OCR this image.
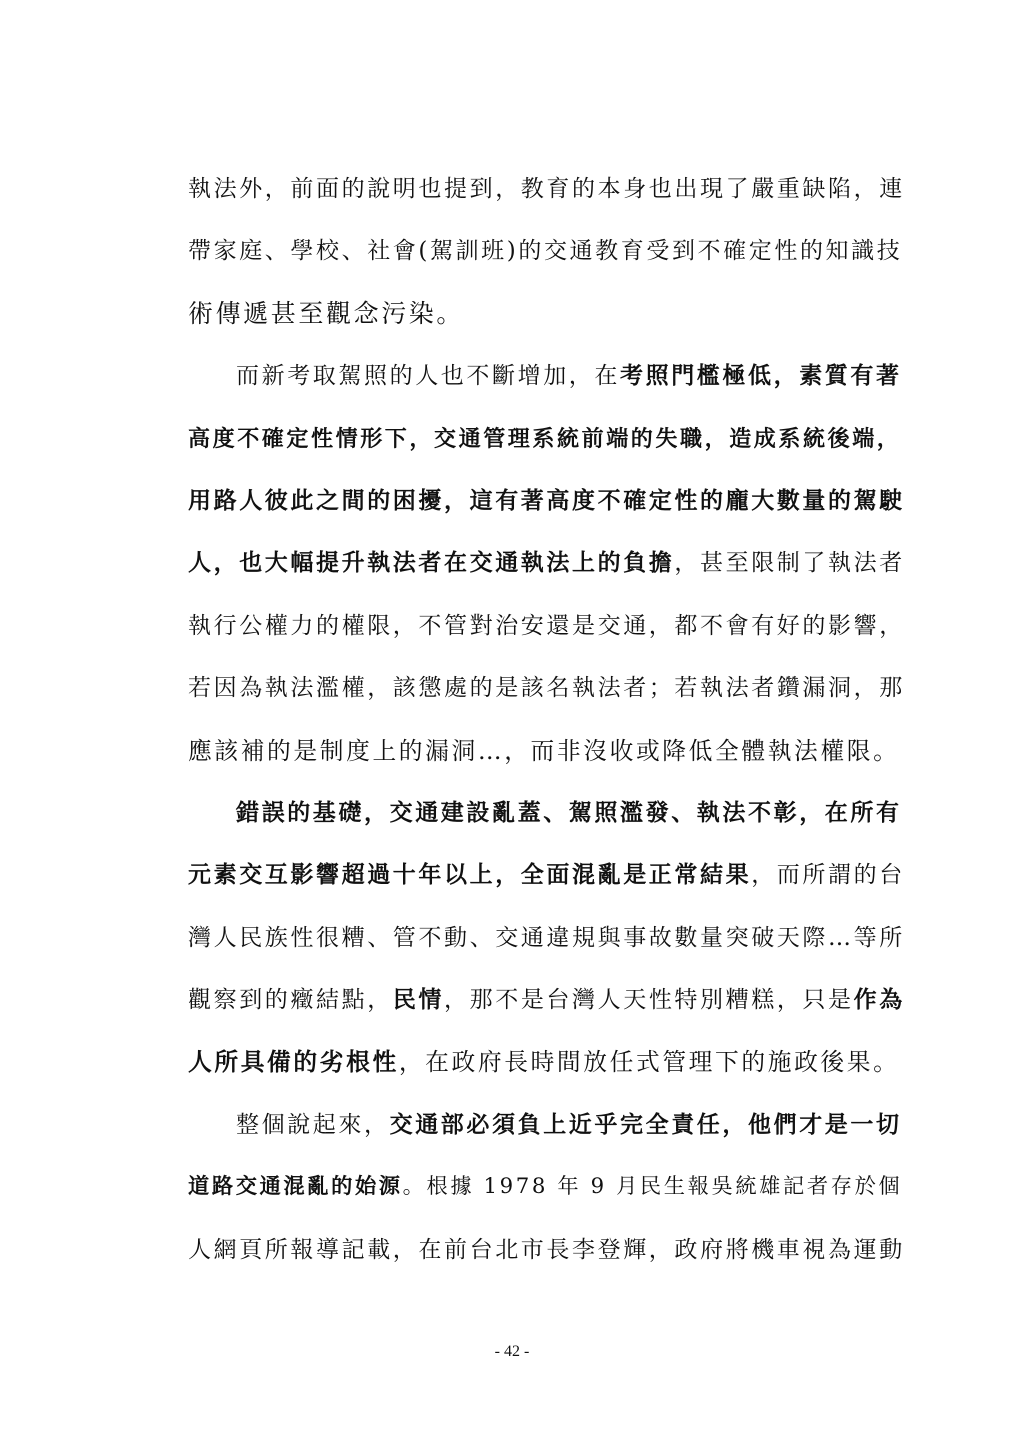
執法外，前面的說明也提到，教育的本身也出現了嚴重缺陷，連
帶家庭、學校、社會(駕訓班)的交通教育受到不確定性的知識技
術傳遞甚至觀念污染。
而新考取駕照的人也不斷增加，在考照門檻極低，素質有著
高度不確定性情形下，交通管理系統前端的失職，造成系統後端，
用路人彼此之間的困擾，這有著高度不確定性的龐大數量的駕駛
人，也大幅提升執法者在交通執法上的負擔，甚至限制了執法者
執行公權力的權限，不管對治安還是交通，都不會有好的影響，
若因為執法濫權，該懲處的是該名執法者；若執法者鑽漏洞，那
應該補的是制度上的漏洞…，而非沒收或降低全體執法權限。
錯誤的基礎，交通建設亂蓋、駕照濫發、執法不彰，在所有
元素交互影響超過十年以上，全面混亂是正常結果，而所謂的台
灣人民族性很糟、管不動、交通違規與事故數量突破天際…等所
觀察到的癥結點，民情，那不是台灣人天性特別糟糕，只是作為
人所具備的劣根性，在政府長時間放任式管理下的施政後果。
整個說起來，交通部必須負上近乎完全責任，他們才是一切
道路交通混亂的始源。根據 1978 年 9 月民生報吳統雄記者存於個
人網頁所報導記載，在前台北市長李登輝，政府將機車視為運動
- 42 -
